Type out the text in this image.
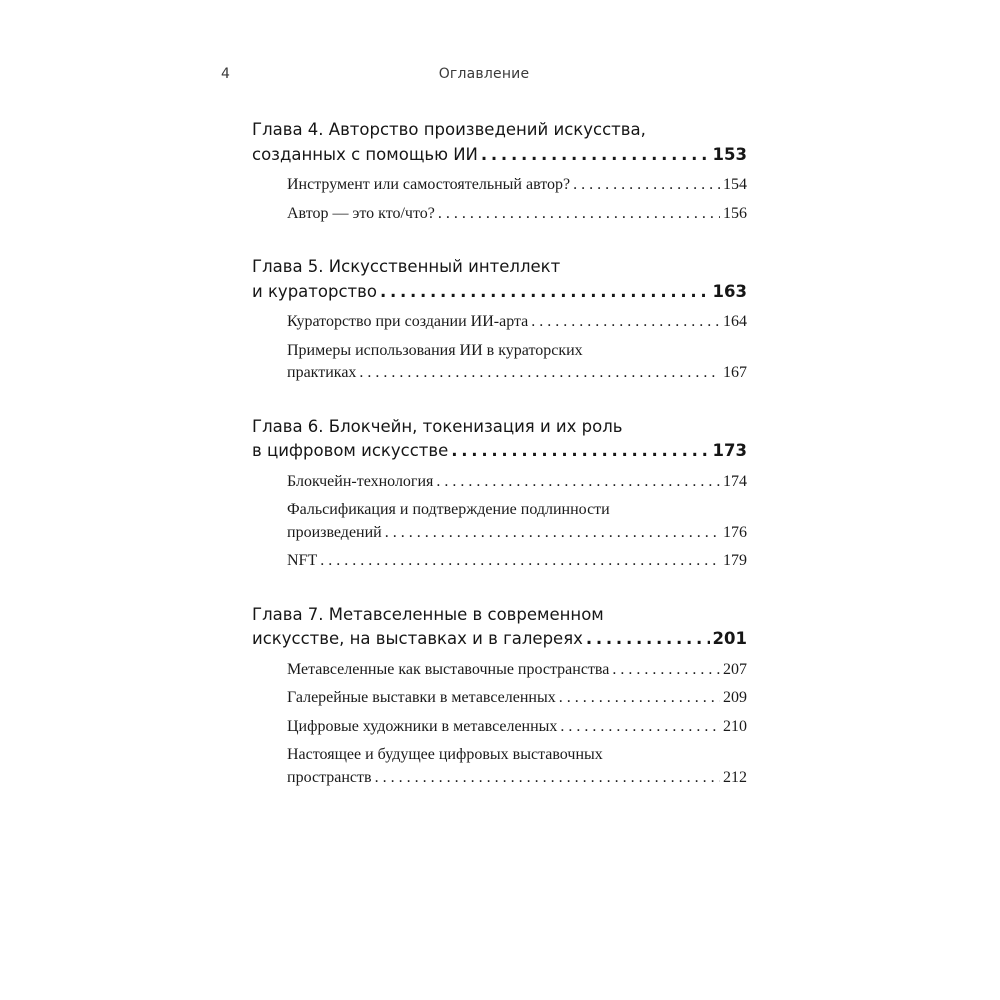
4	Оглавление
Глава 4. Авторство произведений искусства,
созданных с помощью ИИ . . .	153
Инструмент или самостоятельный автор? . . .	154
Автор — это кто/что? . . .	156
Глава 5. Искусственный интеллект
и кураторство . . .	163
Кураторство при создании ИИ-арта . . .	164
Примеры использования ИИ в кураторских
практиках . . .	167
Глава 6. Блокчейн, токенизация и их роль
в цифровом искусстве . . .	173
Блокчейн-технология . . .	174
Фальсификация и подтверждение подлинности
произведений . . .	176
NFT . . .	179
Глава 7. Метавселенные в современном
искусстве, на выставках и в галереях . . .	201
Метавселенные как выставочные пространства . . .	207
Галерейные выставки в метавселенных . . .	209
Цифровые художники в метавселенных . . .	210
Настоящее и будущее цифровых выставочных
пространств . . .	212
